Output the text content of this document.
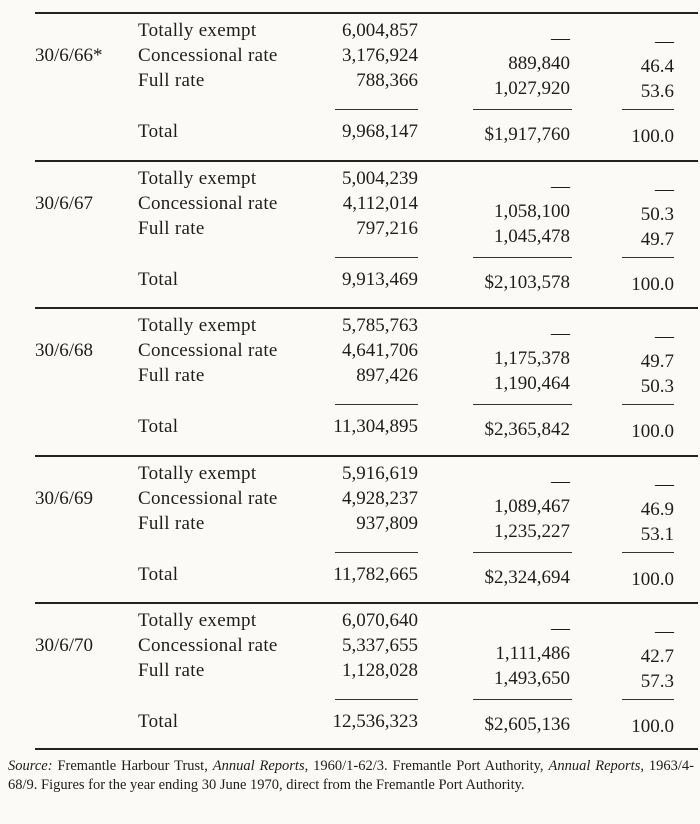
30/6/66*
Totally exempt	6,004,857	—	—
Concessional rate	3,176,924	889,840	46.4
Full rate	788,366	1,027,920	53.6
Total	9,968,147	$1,917,760	100.0
30/6/67
Totally exempt	5,004,239	—	—
Concessional rate	4,112,014	1,058,100	50.3
Full rate	797,216	1,045,478	49.7
Total	9,913,469	$2,103,578	100.0
30/6/68
Totally exempt	5,785,763	—	—
Concessional rate	4,641,706	1,175,378	49.7
Full rate	897,426	1,190,464	50.3
Total	11,304,895	$2,365,842	100.0
30/6/69
Totally exempt	5,916,619	—	—
Concessional rate	4,928,237	1,089,467	46.9
Full rate	937,809	1,235,227	53.1
Total	11,782,665	$2,324,694	100.0
30/6/70
Totally exempt	6,070,640	—	—
Concessional rate	5,337,655	1,111,486	42.7
Full rate	1,128,028	1,493,650	57.3
Total	12,536,323	$2,605,136	100.0
Source: Fremantle Harbour Trust, Annual Reports, 1960/1-62/3. Fremantle Port Authority, Annual Reports, 1963/4-68/9. Figures for the year ending 30 June 1970, direct from the Fremantle Port Authority.
